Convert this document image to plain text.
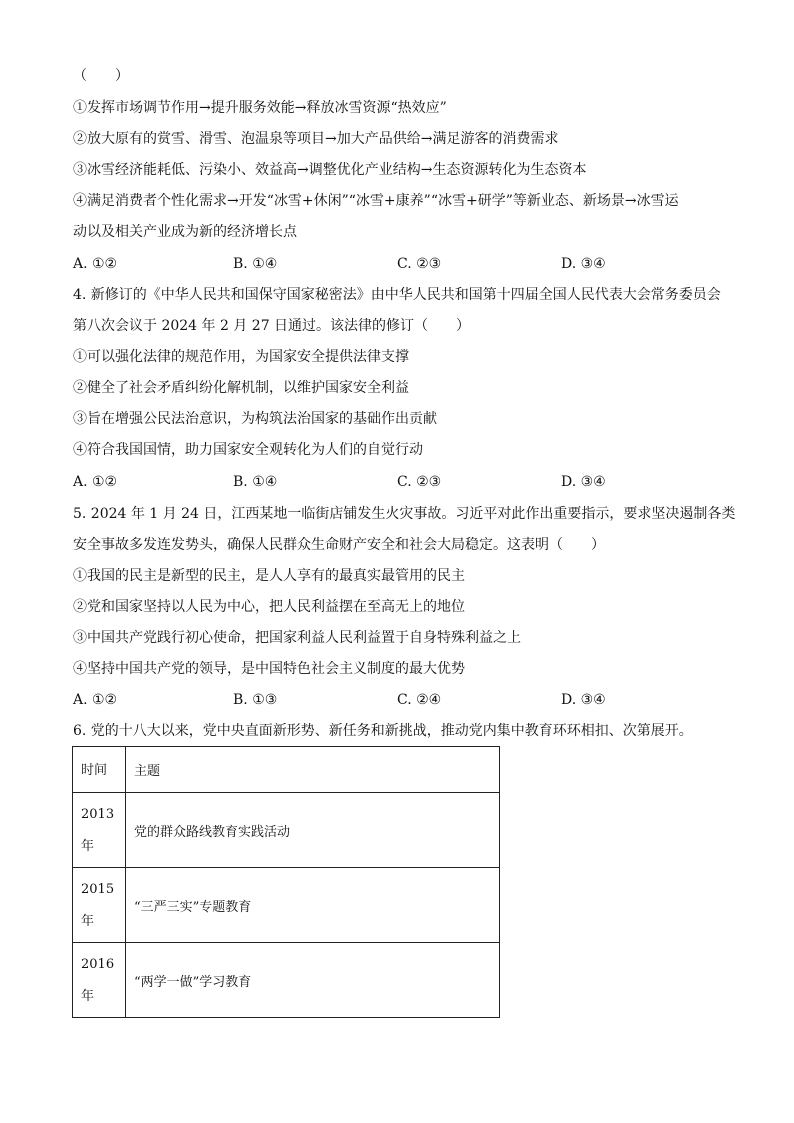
（　　）
①发挥市场调节作用→提升服务效能→释放冰雪资源“热效应”
②放大原有的赏雪、滑雪、泡温泉等项目→加大产品供给→满足游客的消费需求
③冰雪经济能耗低、污染小、效益高→调整优化产业结构→生态资源转化为生态资本
④满足消费者个性化需求→开发“冰雪+休闲”“冰雪+康养”“冰雪+研学”等新业态、新场景→冰雪运
动以及相关产业成为新的经济增长点
A. ①②	B. ①④	C. ②③	D. ③④
4. 新修订的《中华人民共和国保守国家秘密法》由中华人民共和国第十四届全国人民代表大会常务委员会
第八次会议于 2024 年 2 月 27 日通过。该法律的修订（　　）
①可以强化法律的规范作用，为国家安全提供法律支撑
②健全了社会矛盾纠纷化解机制，以维护国家安全利益
③旨在增强公民法治意识，为构筑法治国家的基础作出贡献
④符合我国国情，助力国家安全观转化为人们的自觉行动
A. ①②	B. ①④	C. ②③	D. ③④
5. 2024 年 1 月 24 日，江西某地一临街店铺发生火灾事故。习近平对此作出重要指示，要求坚决遏制各类
安全事故多发连发势头，确保人民群众生命财产安全和社会大局稳定。这表明（　　）
①我国的民主是新型的民主，是人人享有的最真实最管用的民主
②党和国家坚持以人民为中心，把人民利益摆在至高无上的地位
③中国共产党践行初心使命，把国家利益人民利益置于自身特殊利益之上
④坚持中国共产党的领导，是中国特色社会主义制度的最大优势
A. ①②	B. ①③	C. ②④	D. ③④
6. 党的十八大以来，党中央直面新形势、新任务和新挑战，推动党内集中教育环环相扣、次第展开。
时间	主题
2013
年	党的群众路线教育实践活动
2015
年	“三严三实”专题教育
2016
年	“两学一做”学习教育
